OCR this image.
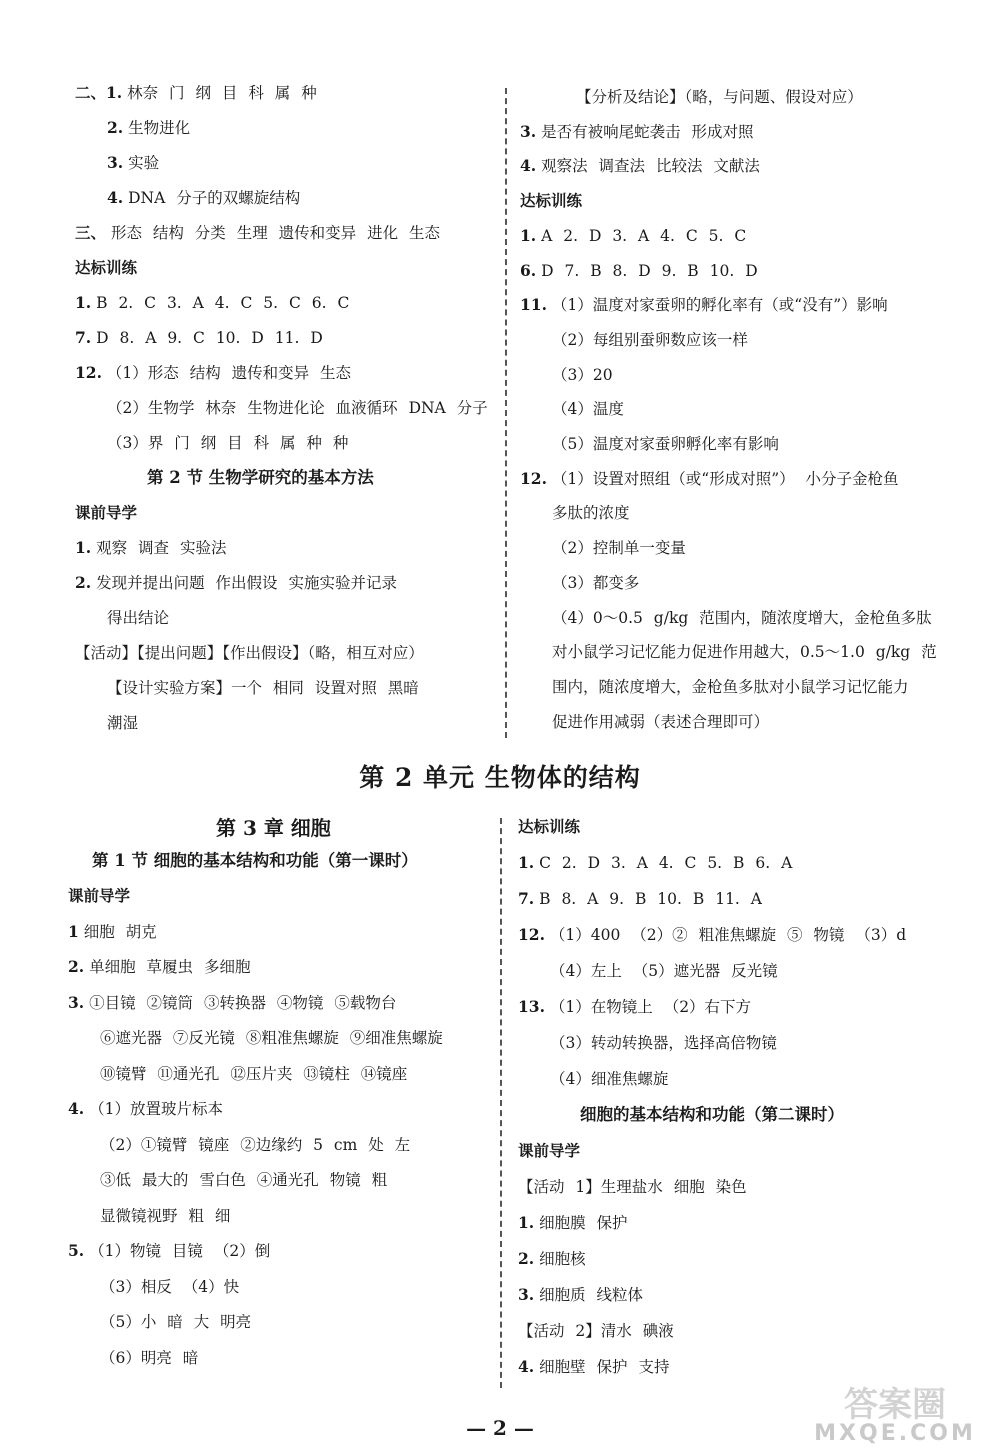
二、1. 林奈 门 纲 目 科 属 种
2. 生物进化
3. 实验
4. DNA 分子的双螺旋结构
三、 形态 结构 分类 生理 遗传和变异 进化 生态
达标训练
1. B 2. C 3. A 4. C 5. C 6. C
7. D 8. A 9. C 10. D 11. D
12. （1）形态 结构 遗传和变异 生态
（2）生物学 林奈 生物进化论 血液循环 DNA 分子
（3）界 门 纲 目 科 属 种 种
第 2 节 生物学研究的基本方法
课前导学
1. 观察 调查 实验法
2. 发现并提出问题 作出假设 实施实验并记录
得出结论
【活动】【提出问题】【作出假设】（略，相互对应）
【设计实验方案】一个 相同 设置对照 黑暗
潮湿
【分析及结论】（略，与问题、假设对应）
3. 是否有被响尾蛇袭击 形成对照
4. 观察法 调查法 比较法 文献法
达标训练
1. A 2. D 3. A 4. C 5. C
6. D 7. B 8. D 9. B 10. D
11. （1）温度对家蚕卵的孵化率有（或“没有”）影响
（2）每组别蚕卵数应该一样
（3）20
（4）温度
（5）温度对家蚕卵孵化率有影响
12. （1）设置对照组（或“形成对照”） 小分子金枪鱼
多肽的浓度
（2）控制单一变量
（3）都变多
（4）0～0.5 g/kg 范围内，随浓度增大，金枪鱼多肽
对小鼠学习记忆能力促进作用越大，0.5～1.0 g/kg 范
围内，随浓度增大，金枪鱼多肽对小鼠学习记忆能力
促进作用减弱（表述合理即可）
第 2 单元 生物体的结构
第 3 章 细胞
第 1 节 细胞的基本结构和功能（第一课时）
课前导学
1 细胞 胡克
2. 单细胞 草履虫 多细胞
3. ①目镜 ②镜筒 ③转换器 ④物镜 ⑤载物台
⑥遮光器 ⑦反光镜 ⑧粗准焦螺旋 ⑨细准焦螺旋
⑩镜臂 ⑪通光孔 ⑫压片夹 ⑬镜柱 ⑭镜座
4. （1）放置玻片标本
（2）①镜臂 镜座 ②边缘约 5 cm 处 左
③低 最大的 雪白色 ④通光孔 物镜 粗
显微镜视野 粗 细
5. （1）物镜 目镜 （2）倒
（3）相反 （4）快
（5）小 暗 大 明亮
（6）明亮 暗
达标训练
1. C 2. D 3. A 4. C 5. B 6. A
7. B 8. A 9. B 10. B 11. A
12. （1）400 （2）② 粗准焦螺旋 ⑤ 物镜 （3）d
（4）左上 （5）遮光器 反光镜
13. （1）在物镜上 （2）右下方
（3）转动转换器，选择高倍物镜
（4）细准焦螺旋
细胞的基本结构和功能（第二课时）
课前导学
【活动 1】生理盐水 细胞 染色
1. 细胞膜 保护
2. 细胞核
3. 细胞质 线粒体
【活动 2】清水 碘液
4. 细胞壁 保护 支持
— 2 —
答案圈
MXQE.COM
